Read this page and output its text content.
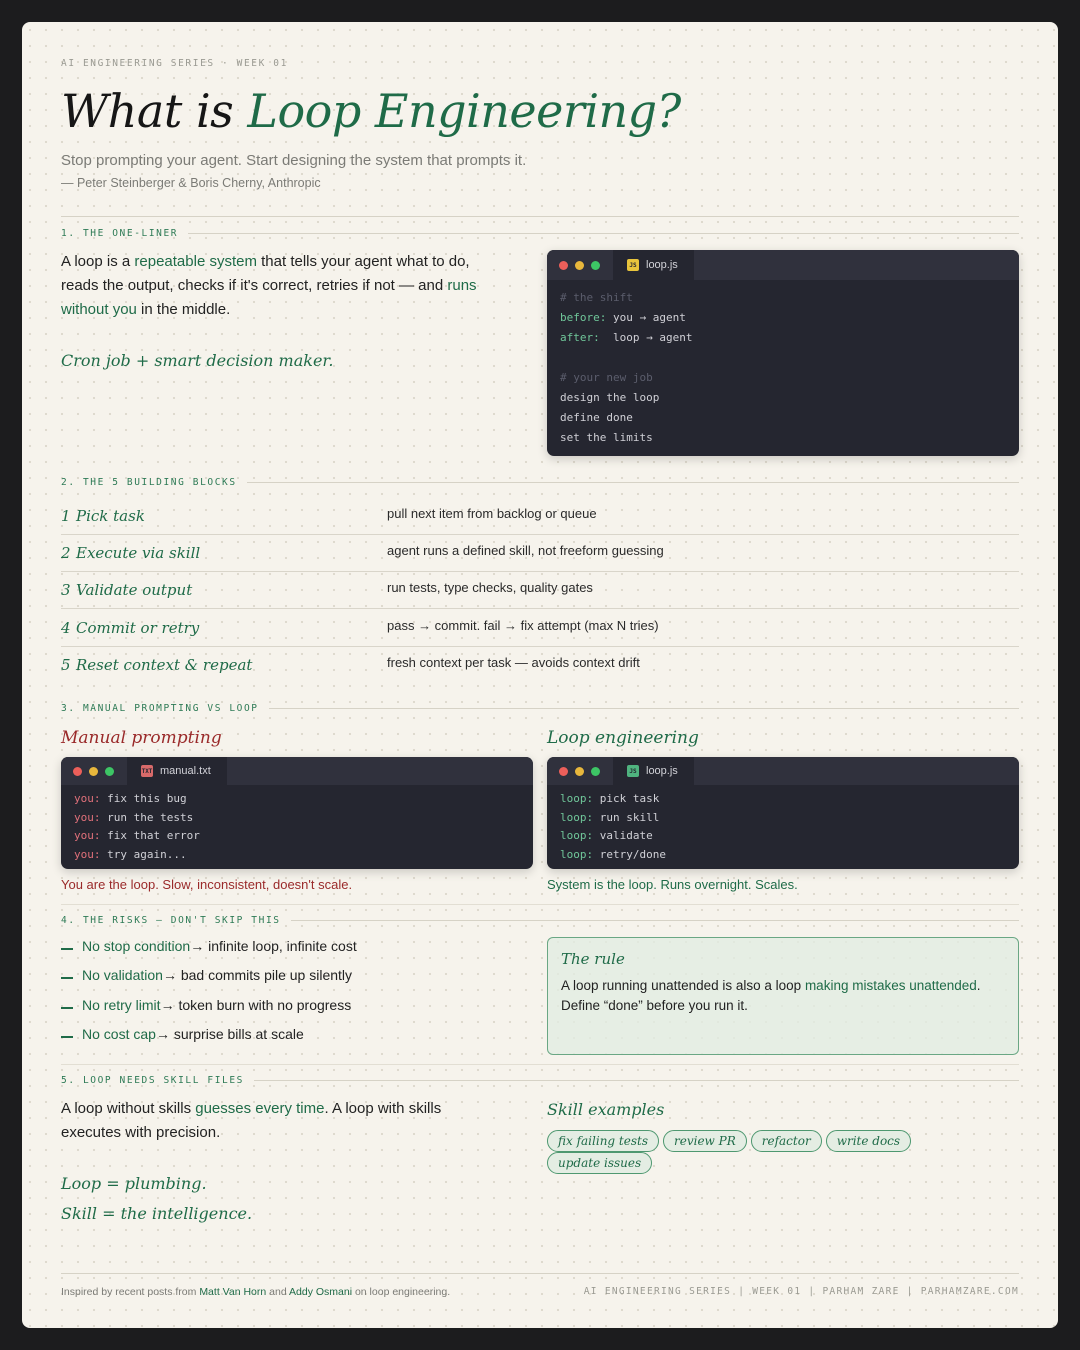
AI ENGINEERING SERIES · WEEK 01
What is Loop Engineering?
Stop prompting your agent. Start designing the system that prompts it.
— Peter Steinberger & Boris Cherny, Anthropic
1. THE ONE-LINER

A loop is a repeatable system that tells your agent what to do, reads the output, checks if it's correct, retries if not — and runs without you in the middle.

Cron job + smart decision maker.
JS loop.js
# the shift
before: you → agent
after:  loop → agent

# your new job
design the loop
define done
set the limits
2. THE 5 BUILDING BLOCKS
1 Pick task	pull next item from backlog or queue
2 Execute via skill	agent runs a defined skill, not freeform guessing
3 Validate output	run tests, type checks, quality gates
4 Commit or retry	pass → commit. fail → fix attempt (max N tries)
5 Reset context & repeat	fresh context per task — avoids context drift
3. MANUAL PROMPTING VS LOOP
Manual prompting	Loop engineering
TXT manual.txt
you: fix this bug
you: run the tests
you: fix that error
you: try again...
JS loop.js
loop: pick task
loop: run skill
loop: validate
loop: retry/done
You are the loop. Slow, inconsistent, doesn't scale.	System is the loop. Runs overnight. Scales.
4. THE RISKS — DON'T SKIP THIS
No stop condition → infinite loop, infinite cost
No validation → bad commits pile up silently
No retry limit → token burn with no progress
No cost cap → surprise bills at scale
The rule
A loop running unattended is also a loop making mistakes unattended. Define “done” before you run it.
5. LOOP NEEDS SKILL FILES

A loop without skills guesses every time. A loop with skills executes with precision.

Loop = plumbing.
Skill = the intelligence.
Skill examples
fix failing tests review PR refactor write docsupdate issues
Inspired by recent posts from Matt Van Horn and Addy Osmani on loop engineering.	AI ENGINEERING SERIES | WEEK 01 | PARHAM ZARE | PARHAMZARE.COM
